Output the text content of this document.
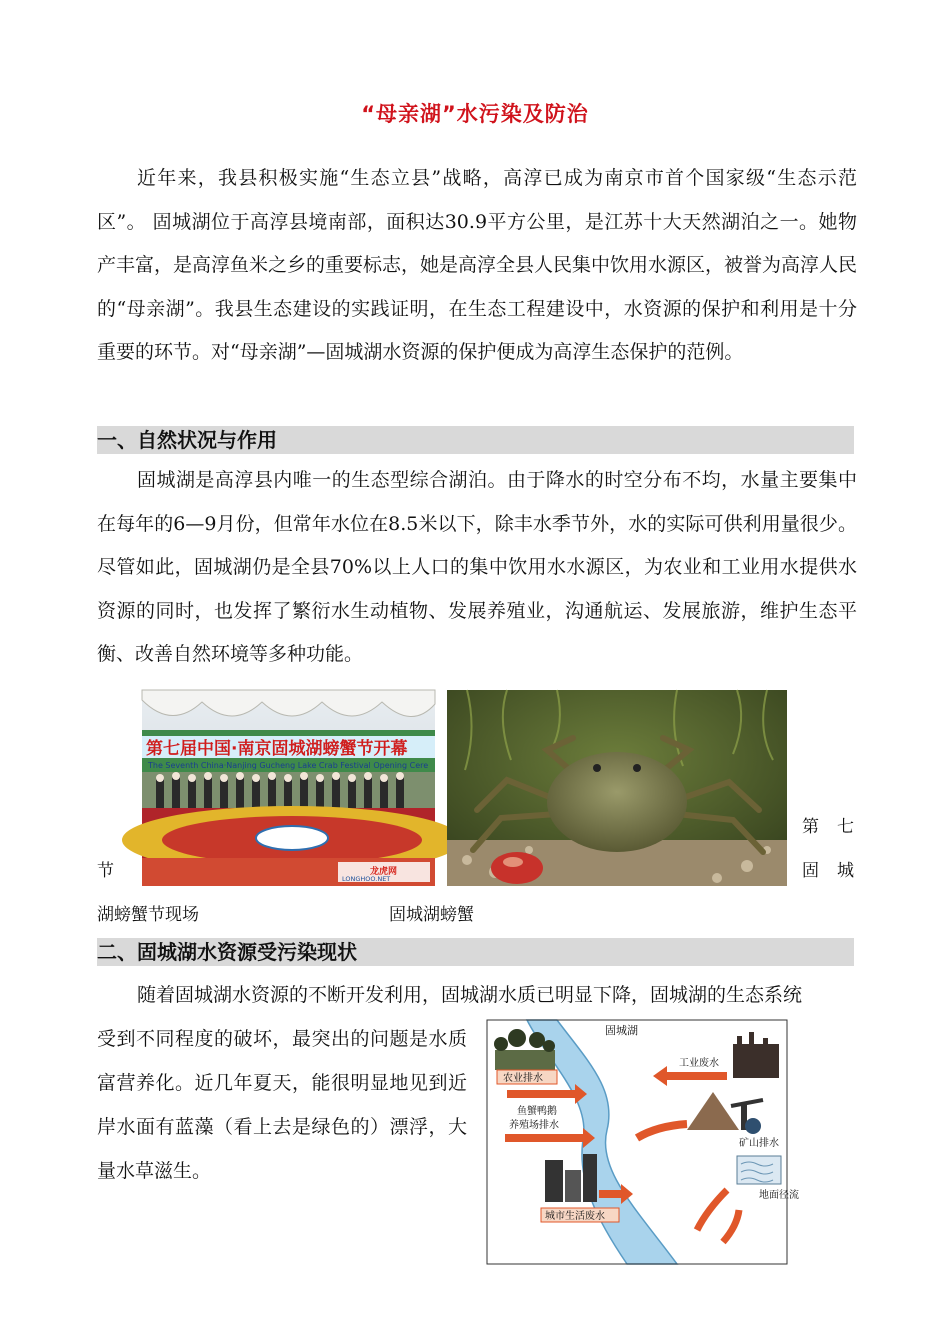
“母亲湖”水污染及防治

近年来，我县积极实施“生态立县”战略，高淳已成为南京市首个国家级“生态示范区”。 固城湖位于高淳县境南部，面积达30.9平方公里，是江苏十大天然湖泊之一。她物产丰富，是高淳鱼米之乡的重要标志，她是高淳全县人民集中饮用水源区，被誉为高淳人民的“母亲湖”。我县生态建设的实践证明，在生态工程建设中，水资源的保护和利用是十分重要的环节。对“母亲湖”—固城湖水资源的保护便成为高淳生态保护的范例。

一、自然状况与作用

固城湖是高淳县内唯一的生态型综合湖泊。由于降水的时空分布不均，水量主要集中在每年的6—9月份，但常年水位在8.5米以下，除丰水季节外，水的实际可供利用量很少。尽管如此，固城湖仍是全县70%以上人口的集中饮用水水源区，为农业和工业用水提供水资源的同时，也发挥了繁衍水生动植物、发展养殖业，沟通航运、发展旅游，维护生态平衡、改善自然环境等多种功能。

第七届中国·南京固城湖螃蟹节开幕
The Seventh China·Nanjing Gucheng Lake Crab Festival Opening Cere
龙虎网
LONGHOO.NET
第 七
节	固 城
湖螃蟹节现场	固城湖螃蟹
二、固城湖水资源受污染现状

随着固城湖水资源的不断开发利用，固城湖水质已明显下降，固城湖的生态系统

受到不同程度的破坏，最突出的问题是水质富营养化。近几年夏天，能很明显地见到近岸水面有蓝藻（看上去是绿色的）漂浮，大量水草滋生。

固城湖
农业排水
工业废水
鱼蟹鸭鹅
养殖场排水
矿山排水
地面径流
城市生活废水
